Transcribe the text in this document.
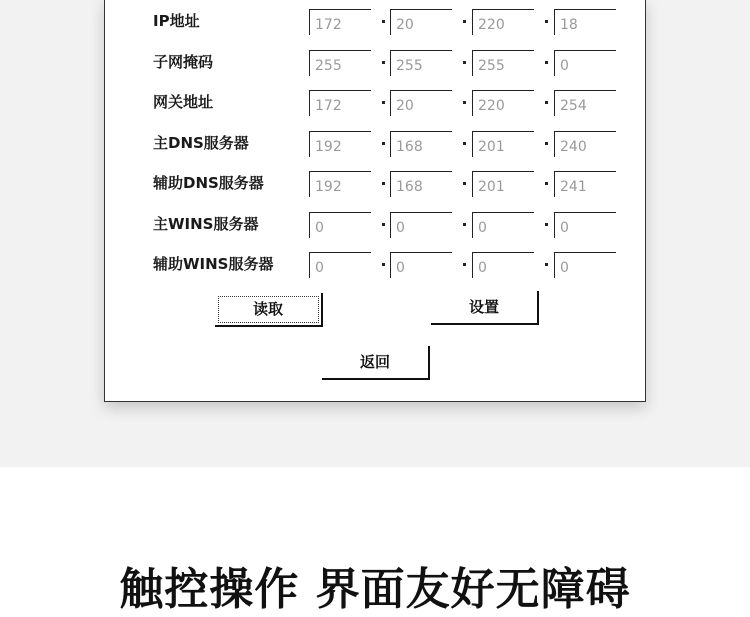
IP地址
172
20
220
18
子网掩码
255
255
255
0
网关地址
172
20
220
254
主DNS服务器
192
168
201
240
辅助DNS服务器
192
168
201
241
主WINS服务器
0
0
0
0
辅助WINS服务器
0
0
0
0
读取	设置
返回
触控操作 界面友好无障碍
